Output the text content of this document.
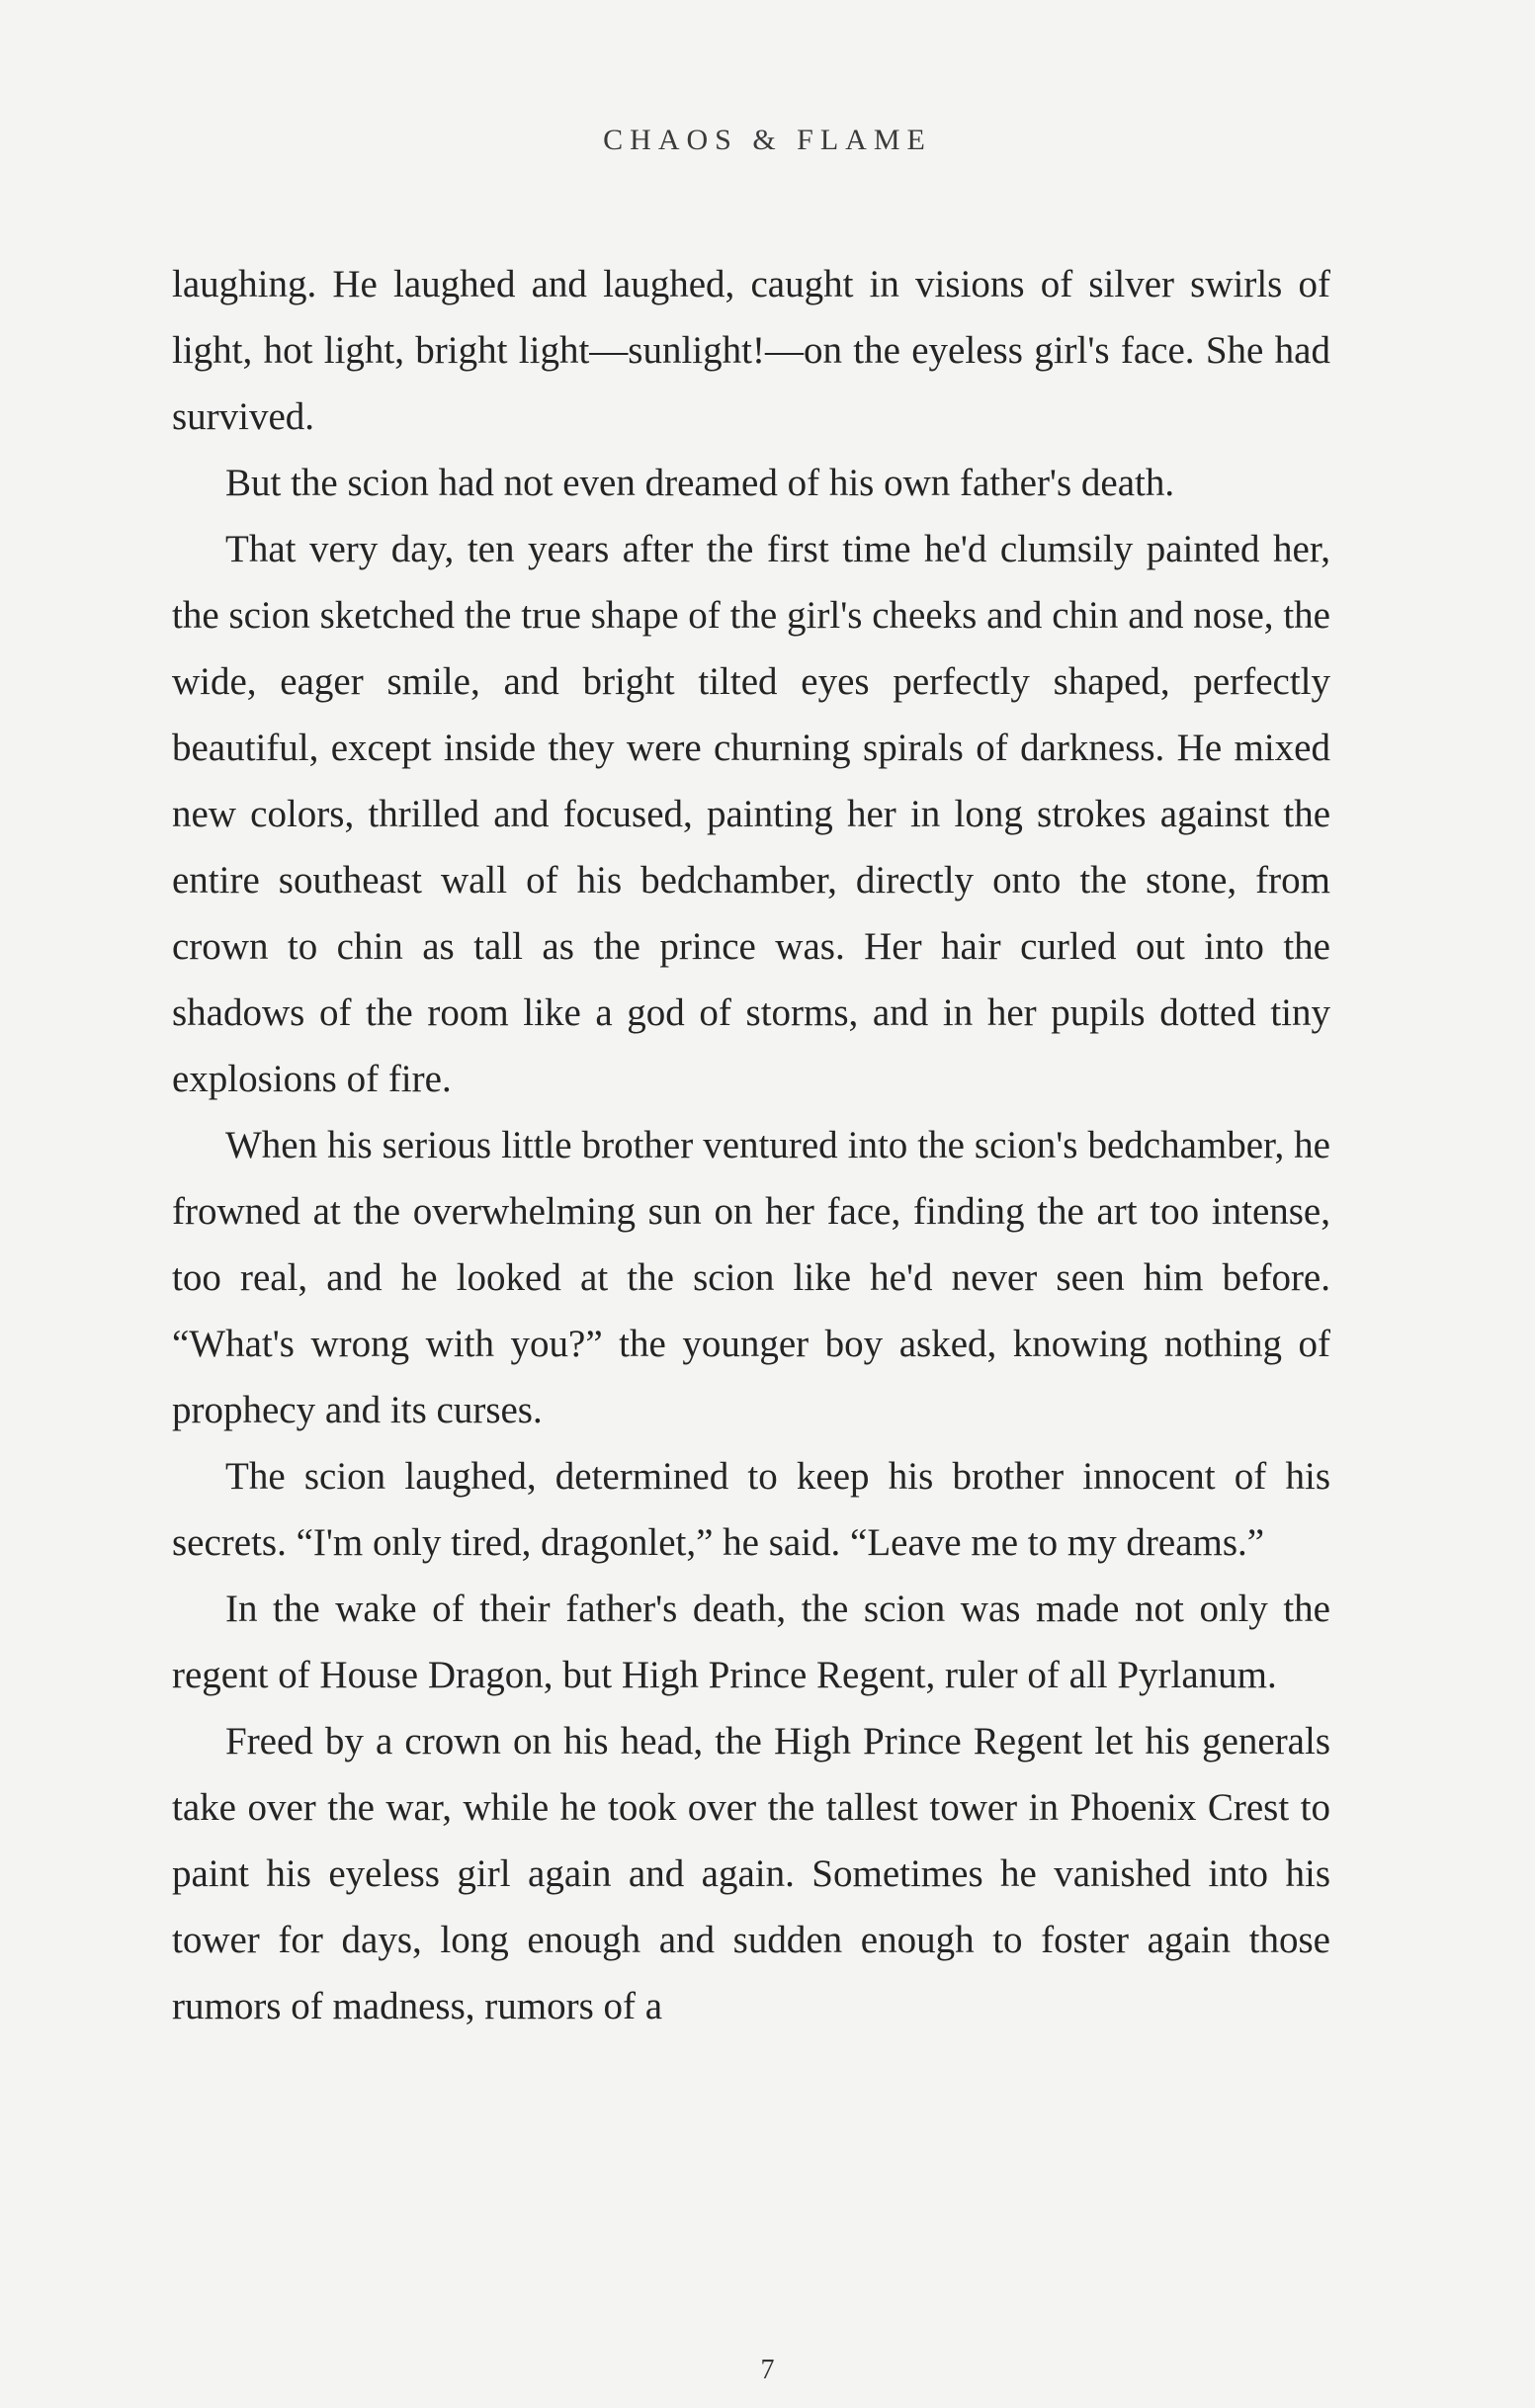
CHAOS & FLAME

laughing. He laughed and laughed, caught in visions of silver swirls of light, hot light, bright light—sunlight!—on the eyeless girl's face. She had survived.

But the scion had not even dreamed of his own father's death.

That very day, ten years after the first time he'd clumsily painted her, the scion sketched the true shape of the girl's cheeks and chin and nose, the wide, eager smile, and bright tilted eyes perfectly shaped, perfectly beautiful, except inside they were churning spirals of darkness. He mixed new colors, thrilled and focused, painting her in long strokes against the entire southeast wall of his bedchamber, directly onto the stone, from crown to chin as tall as the prince was. Her hair curled out into the shadows of the room like a god of storms, and in her pupils dotted tiny explosions of fire.

When his serious little brother ventured into the scion's bedchamber, he frowned at the overwhelming sun on her face, finding the art too intense, too real, and he looked at the scion like he'd never seen him before. “What's wrong with you?” the younger boy asked, knowing nothing of prophecy and its curses.

The scion laughed, determined to keep his brother innocent of his secrets. “I'm only tired, dragonlet,” he said. “Leave me to my dreams.”

In the wake of their father's death, the scion was made not only the regent of House Dragon, but High Prince Regent, ruler of all Pyrlanum.

Freed by a crown on his head, the High Prince Regent let his generals take over the war, while he took over the tallest tower in Phoenix Crest to paint his eyeless girl again and again. Sometimes he vanished into his tower for days, long enough and sudden enough to foster again those rumors of madness, rumors of a

7
